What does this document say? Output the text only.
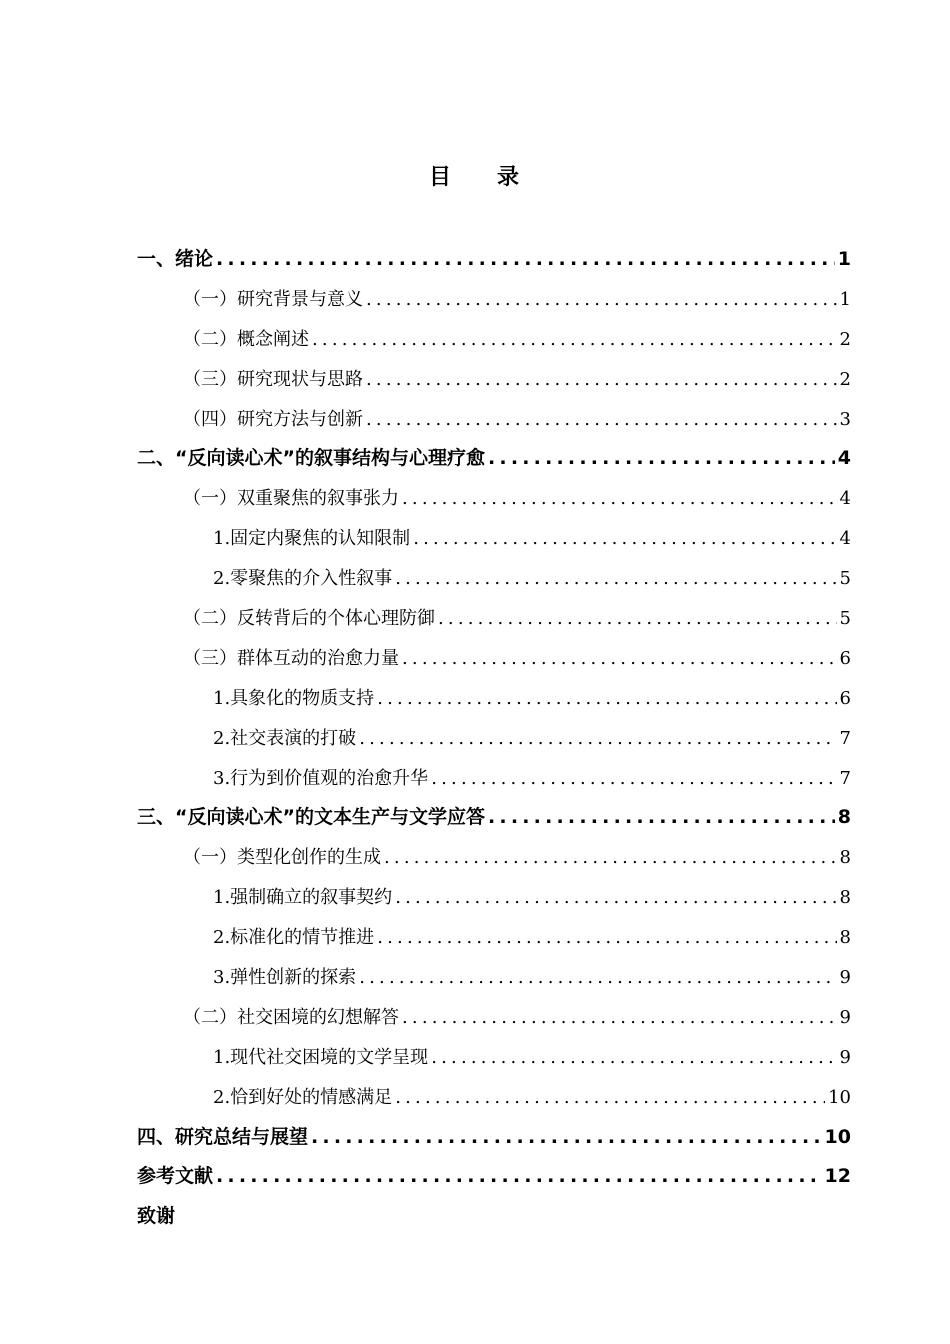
目 录
一、绪论 .....	1
（一）研究背景与意义 .....	1
（二）概念阐述 .....	2
（三）研究现状与思路 .....	2
（四）研究方法与创新 .....	3
二、“反向读心术”的叙事结构与心理疗愈 .....	4
（一）双重聚焦的叙事张力 .....	4
1.固定内聚焦的认知限制 .....	4
2.零聚焦的介入性叙事 .....	5
（二）反转背后的个体心理防御 .....	5
（三）群体互动的治愈力量 .....	6
1.具象化的物质支持 .....	6
2.社交表演的打破 .....	7
3.行为到价值观的治愈升华 .....	7
三、“反向读心术”的文本生产与文学应答 .....	8
（一）类型化创作的生成 .....	8
1.强制确立的叙事契约 .....	8
2.标准化的情节推进 .....	8
3.弹性创新的探索 .....	9
（二）社交困境的幻想解答 .....	9
1.现代社交困境的文学呈现 .....	9
2.恰到好处的情感满足 .....	10
四、研究总结与展望 .....	10
参考文献 .....	12
致谢
